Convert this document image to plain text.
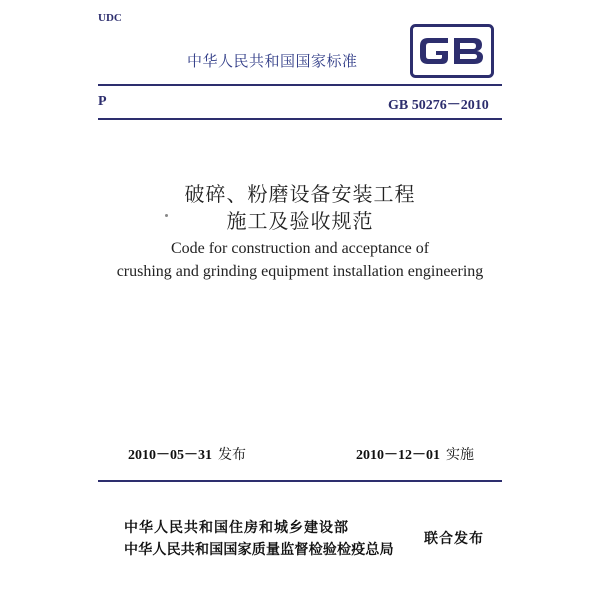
UDC
中华人民共和国国家标准
P	GB 50276－2010
破碎、粉磨设备安装工程
施工及验收规范
Code for construction and acceptance of
crushing and grinding equipment installation engineering
2010－05－31 发布	2010－12－01 实施
中华人民共和国住房和城乡建设部
中华人民共和国国家质量监督检验检疫总局
联合发布
